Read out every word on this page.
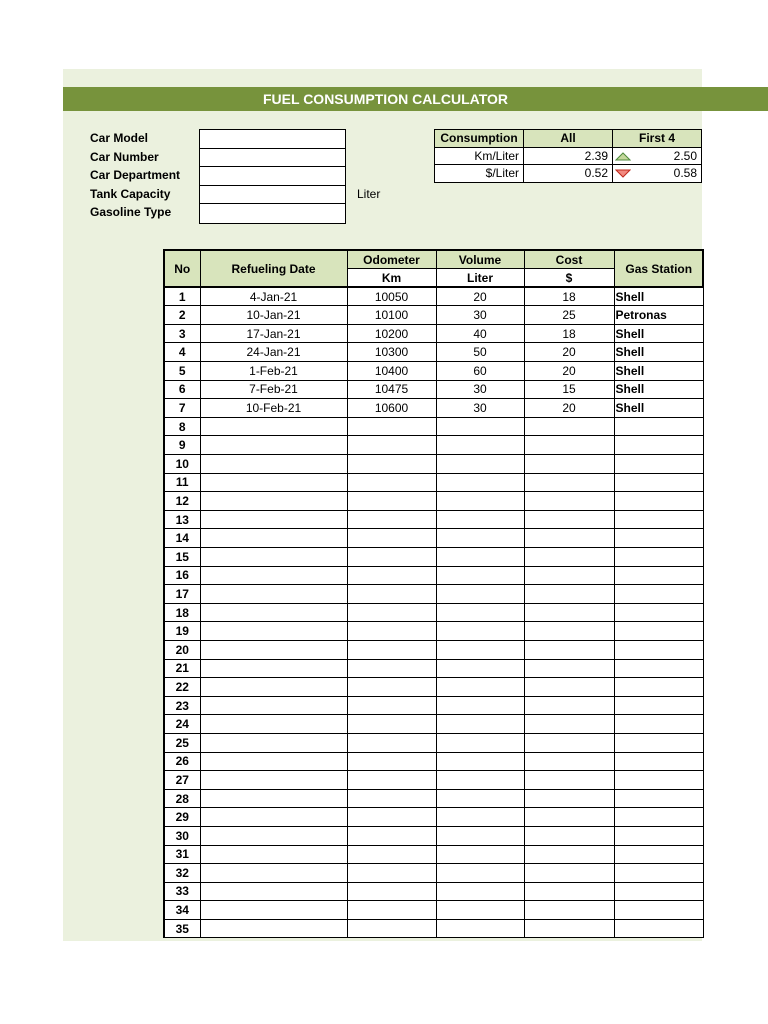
FUEL CONSUMPTION CALCULATOR
Car Model
Car Number
Car Department
Tank Capacity
Gasoline Type
Liter
Consumption	All	First 4
Km/Liter	2.39	2.50
$/Liter	0.52	0.58
No	Refueling Date	Odometer	Volume	Cost	Gas Station
		Km	Liter	$	
1	4-Jan-21	10050	20	18	Shell
2	10-Jan-21	10100	30	25	Petronas
3	17-Jan-21	10200	40	18	Shell
4	24-Jan-21	10300	50	20	Shell
5	1-Feb-21	10400	60	20	Shell
6	7-Feb-21	10475	30	15	Shell
7	10-Feb-21	10600	30	20	Shell
8					
9					
10					
11					
12					
13					
14					
15					
16					
17					
18					
19					
20					
21					
22					
23					
24					
25					
26					
27					
28					
29					
30					
31					
32					
33					
34					
35					
